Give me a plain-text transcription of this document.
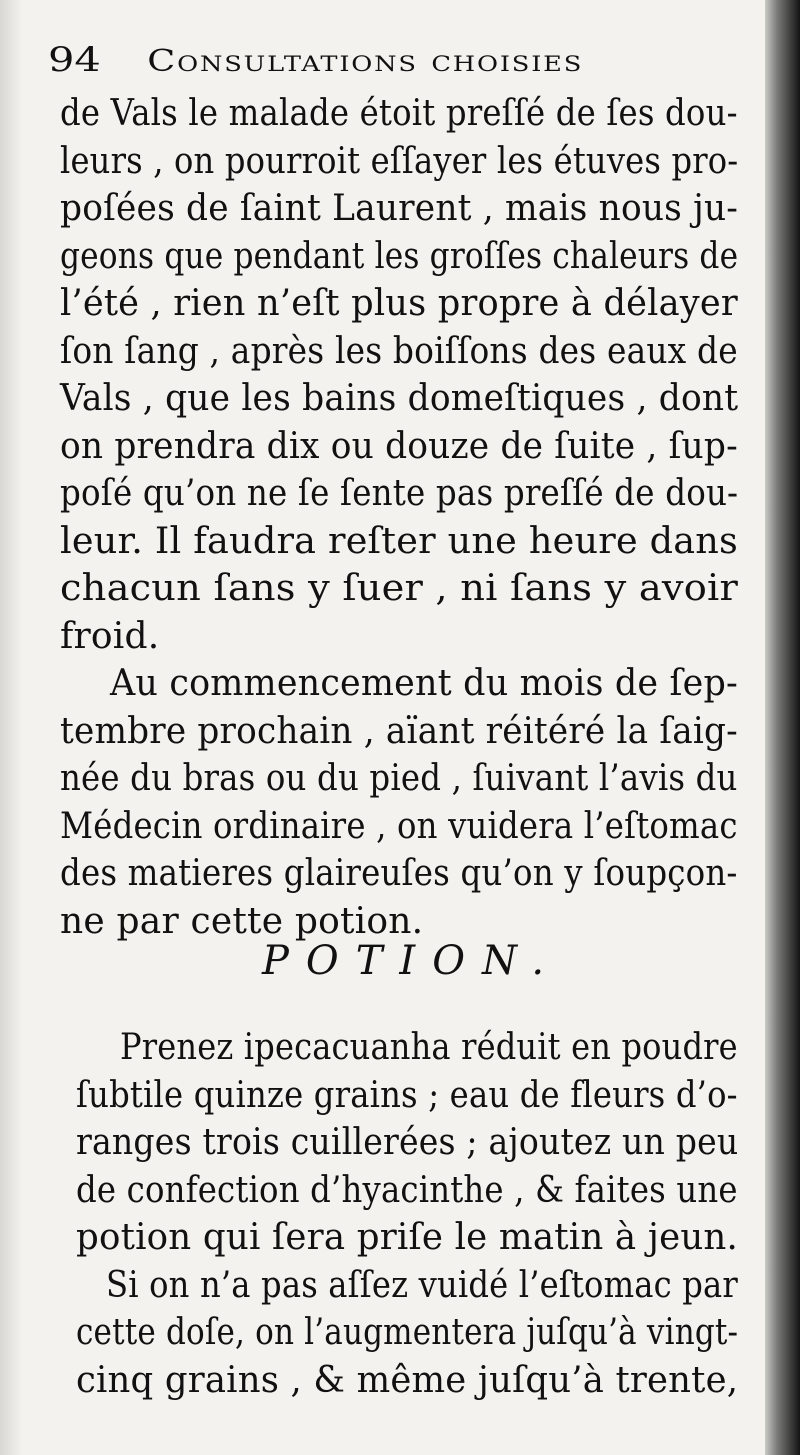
94 Consultations choisies
de Vals le malade étoit preſſé de ſes dou-
leurs , on pourroit eſſayer les étuves pro-
poſées de ſaint Laurent , mais nous ju-
geons que pendant les groſſes chaleurs de
l’été , rien n’eſt plus propre à délayer
ſon ſang , après les boiſſons des eaux de
Vals , que les bains domeſtiques , dont
on prendra dix ou douze de ſuite , ſup-
poſé qu’on ne ſe ſente pas preſſé de dou-
leur. Il faudra reſter une heure dans
chacun ſans y ſuer , ni ſans y avoir
froid.
Au commencement du mois de ſep-
tembre prochain , aïant réitéré la ſaig-
née du bras ou du pied , ſuivant l’avis du
Médecin ordinaire , on vuidera l’eſtomac
des matieres glaireuſes qu’on y ſoupçon-
ne par cette potion.
POTION.
Prenez ipecacuanha réduit en poudre
ſubtile quinze grains ; eau de fleurs d’o-
ranges trois cuillerées ; ajoutez un peu
de confection d’hyacinthe , & faites une
potion qui ſera priſe le matin à jeun.
Si on n’a pas aſſez vuidé l’eſtomac par
cette doſe, on l’augmentera juſqu’à vingt-
cinq grains , & même juſqu’à trente,
